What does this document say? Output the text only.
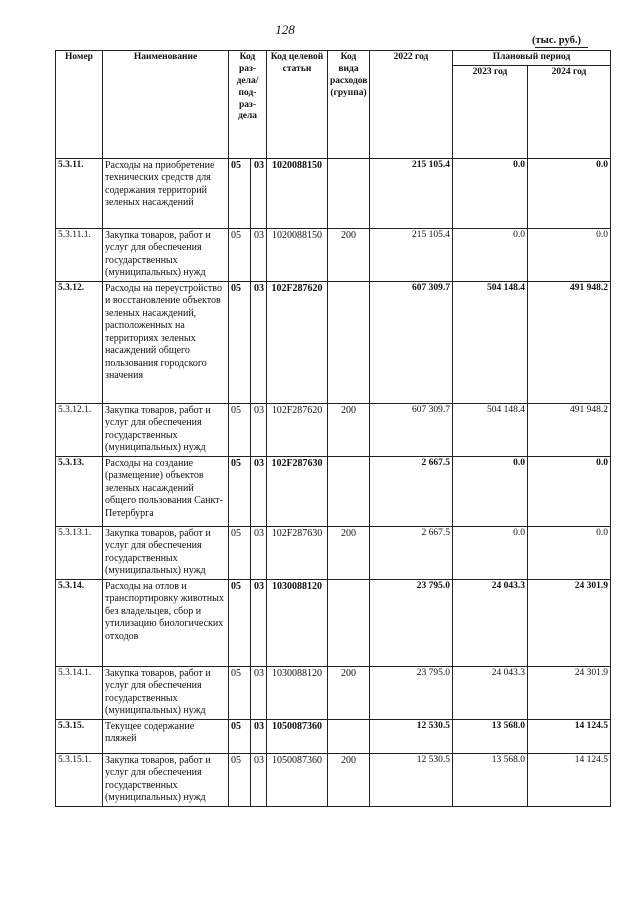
128
(тыс. руб.)
Номер	Наименование	Код раз-дела/ под-раз-дела		Код целевой статьи	Код вида расходов (группа)	2022 год	Плановый период	
							2023 год	2024 год
5.3.11.	Расходы на приобретение технических средств для содержания территорий зеленых насаждений	05	03	1020088150		215 105.4	0.0	0.0
5.3.11.1.	Закупка товаров, работ и услуг для обеспечения государственных (муниципальных) нужд	05	03	1020088150	200	215 105.4	0.0	0.0
5.3.12.	Расходы на переустройство и восстановление объектов зеленых насаждений, расположенных на территориях зеленых насаждений общего пользования городского значения	05	03	102F287620		607 309.7	504 148.4	491 948.2
5.3.12.1.	Закупка товаров, работ и услуг для обеспечения государственных (муниципальных) нужд	05	03	102F287620	200	607 309.7	504 148.4	491 948.2
5.3.13.	Расходы на создание (размещение) объектов зеленых насаждений общего пользования Санкт-Петербурга	05	03	102F287630		2 667.5	0.0	0.0
5.3.13.1.	Закупка товаров, работ и услуг для обеспечения государственных (муниципальных) нужд	05	03	102F287630	200	2 667.5	0.0	0.0
5.3.14.	Расходы на отлов и транспортировку животных без владельцев, сбор и утилизацию биологических отходов	05	03	1030088120		23 795.0	24 043.3	24 301.9
5.3.14.1.	Закупка товаров, работ и услуг для обеспечения государственных (муниципальных) нужд	05	03	1030088120	200	23 795.0	24 043.3	24 301.9
5.3.15.	Текущее содержание пляжей	05	03	1050087360		12 530.5	13 568.0	14 124.5
5.3.15.1.	Закупка товаров, работ и услуг для обеспечения государственных (муниципальных) нужд	05	03	1050087360	200	12 530.5	13 568.0	14 124.5
